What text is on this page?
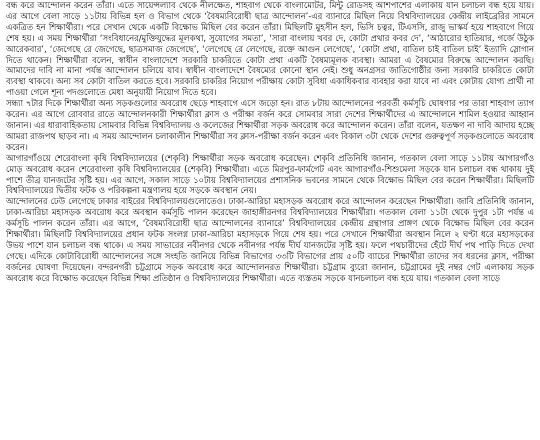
বন্ধ করে আন্দোলন করেন তাঁরা। এতে সায়েন্সল্যাব থেকে নীলক্ষেত, শাহবাগ থেকে বাংলামোটর, মিন্টু রোডসহ আশপাশের এলাকায় যান চলাচল বন্ধ হয়ে যায়। এর আগে বেলা সাড়ে ১১টায় বিভিন্ন হল ও বিভাগ থেকে ‘বৈষম্যবিরোধী ছাত্র আন্দোলন’-এর ব্যানারে মিছিল নিয়ে বিশ্ববিদ্যালয়ের কেন্দ্রীয় লাইব্রেরির সামনে একত্রিত হন শিক্ষার্থীরা। পরে সেখান থেকে একটি বিক্ষোভ মিছিল বের করেন তাঁরা। মিছিলটি মুহসীন হল, ভিসি চত্বর, টিএসসি, রাজু ভাস্কর্য হয়ে শাহবাগে গিয়ে শেষ হয়। এ সময় শিক্ষার্থীরা ‘সংবিধানের/মুক্তিযুদ্ধের মূলকথা, সুযোগের সমতা’, ‘সারা বাংলায় খবর দে, কোটা প্রথার কবর দে’, ‘আঠারোর হাতিয়ার, গর্জে উঠুক আরেকবার’, ‘জেগেছে রে জেগেছে, ছাত্রসমাজ জেগেছে’, ‘লেগেছে রে লেগেছে, রক্তে আগুন লেগেছে’, ‘কোটা প্রথা, বাতিল চাই বাতিল চাই’ ইত্যাদি স্লোগান দিতে থাকেন। শিক্ষার্থীরা বলেন, স্বাধীন বাংলাদেশে সরকারি চাকরিতে কোটা প্রথা একটি বৈষম্যমূলক ব্যবস্থা। আমরা এ বৈষম্যের বিরুদ্ধে আন্দোলন করছি। আমাদের দাবি না মানা পর্যন্ত আন্দোলন চলিয়ে যাব। স্বাধীন বাংলাদেশে বৈষম্যের কোনো স্থান নেই। শুধু অনগ্রসর জাতিগোষ্ঠীর জন্য সরকারি চাকরিতে কোটা ব্যবস্থা থাকবে। অন্য সব কোটা বাতিল করতে হবে। সরকারি চাকরির নিয়োগ পরীক্ষায় কোটা সুবিধা একাধিকবার ব্যবহার করা যাবে না এবং কোটায় যোগ্য প্রার্থী না পাওয়া গেলে শূন্য পদগুলোতে মেধা অনুযায়ী নিয়োগ দিতে হবে।

সন্ধ্যা ৭টার দিকে শিক্ষার্থীরা অন্য সড়কগুলোর অবরোধ ছেড়ে শাহবাগে এসে জড়ো হন। রাত ৮টায় আন্দোলনের পরবর্তী কর্মসূচি ঘোষণার পর তারা শাহবাগ ত্যাগ করেন। এর আগে রোববার রাতে আন্দোলনকারী শিক্ষার্থীরা ক্লাস ও পরীক্ষা বর্জন করে সোমবার সারা দেশের শিক্ষার্থীদের এ আন্দোলনে শামিল হওয়ার আহ্বান জানান। এর ধারাবাহিকতায় সোমবার বিভিন্ন বিশ্ববিদ্যালয় ও কলেজের শিক্ষার্থীরা সড়ক অবরোধ করে আন্দোলন করেন। তাঁরা বলেন, যতক্ষণ না দাবি আদায় হচ্ছে আমরা রাজপথ ছাড়ব না। এ সময় আন্দোলন চলাকালীন শিক্ষার্থীরা সব ক্লাস-পরীক্ষা বর্জন করেন এবং বিকাল ৩টা থেকে দেশের গুরুত্বপূর্ণ সড়কগুলোতে অবরোধ করেন।

আগারগাঁওয়ে শেরেবাংলা কৃষি বিশ্ববিদ্যালয়ের (শেকৃবি) শিক্ষার্থীরা সড়ক অবরোধ করেছেন। শেকৃবি প্রতিনিধি জানান, গতকাল বেলা সাড়ে ১১টায় আগারগাঁও মোড় অবরোধ করেন শেরেবাংলা কৃষি বিশ্ববিদ্যালয়ের (শেকৃবি) শিক্ষার্থীরা। এতে মিরপুর-ফার্মগেট এবং আগারগাঁও-শিশুমেলা সড়কে যান চলাচল বন্ধ থাকায় দুই পাশে তীব্র যানজটের সৃষ্টি হয়। এর আগে, সকাল সাড়ে ১০টায় বিশ্ববিদ্যালয়ের প্রশাসনিক ভবনের সামনে থেকে বিক্ষোভ মিছিল বের করেন শিক্ষার্থীরা। মিছিলটি বিশ্ববিদ্যালয়ের দ্বিতীয় ফটক ও পরিকল্পনা মন্ত্রণালয় হয়ে সড়কে অবস্থান নেয়।

আন্দোলনের ঢেউ লেগেছে ঢাকার বাইরের বিশ্ববিদ্যালয়গুলোতেও। ঢাকা-আরিচা মহাসড়ক অবরোধ করে আন্দোলন করেছেন শিক্ষার্থীরা। জাবি প্রতিনিধি জানান, ঢাকা-আরিচা মহাসড়ক অবরোধ করে অবস্থান কর্মসূচি পালন করেছেন জাহাঙ্গীরনগর বিশ্ববিদ্যালয়ের শিক্ষার্থীরা। গতকাল বেলা ১১টা থেকে দুপুর ১টা পর্যন্ত এ কর্মসূচি পালন করেন তাঁরা। এর আগে, ‘বৈষম্যবিরোধী ছাত্র আন্দোলনের ব্যানারে’ বিশ্ববিদ্যালয়ের কেন্দ্রীয় গ্রন্থাগার প্রাঙ্গণ থেকে বিক্ষোভ মিছিল বের করেন শিক্ষার্থীরা। মিছিলটি বিশ্ববিদ্যালয়ের প্রধান ফটক সংলগ্ন ঢাকা-আরিচা মহাসড়কে গিয়ে শেষ হয়। পরে সেখানে শিক্ষার্থীরা অবস্থান নিলে ২ ঘণ্টা ধরে মহাসড়কের উভয় পাশে যান চলাচল বন্ধ থাকে। এ সময় সাভারের নবীনগর থেকে নবীনগর পর্যন্ত দীর্ঘ যানজটের সৃষ্টি হয়। ফলে পথচারীদের হেঁটে দীর্ঘ পথ পাড়ি দিতে দেখা গেছে। এদিকে কোটাবিরোধী আন্দোলনের সঙ্গে সংহতি জানিয়ে বিভিন্ন বিভাগের ৩৩টি বিভাগের প্রায় ৫০টি ব্যাচের শিক্ষার্থীরা তাদের সব ধরনের ক্লাস, পরীক্ষা বর্জনের ঘোষণা দিয়েছেন। বন্দরনগরী চট্টগ্রামে সড়ক অবরোধ করে আন্দোলনরত শিক্ষার্থীরা। চট্টগ্রাম ব্যুরো জানান, চট্টগ্রামের দুই নম্বর গেট এলাকায় সড়ক অবরোধ করে বিক্ষোভ করেছেন বিভিন্ন শিক্ষা প্রতিষ্ঠান ও বিশ্ববিদ্যালয়ের শিক্ষার্থীরা। এতে ব্যস্ততম সড়কে যানচলাচল বন্ধ হয়ে যায়। গতকাল বেলা সাড়ে
